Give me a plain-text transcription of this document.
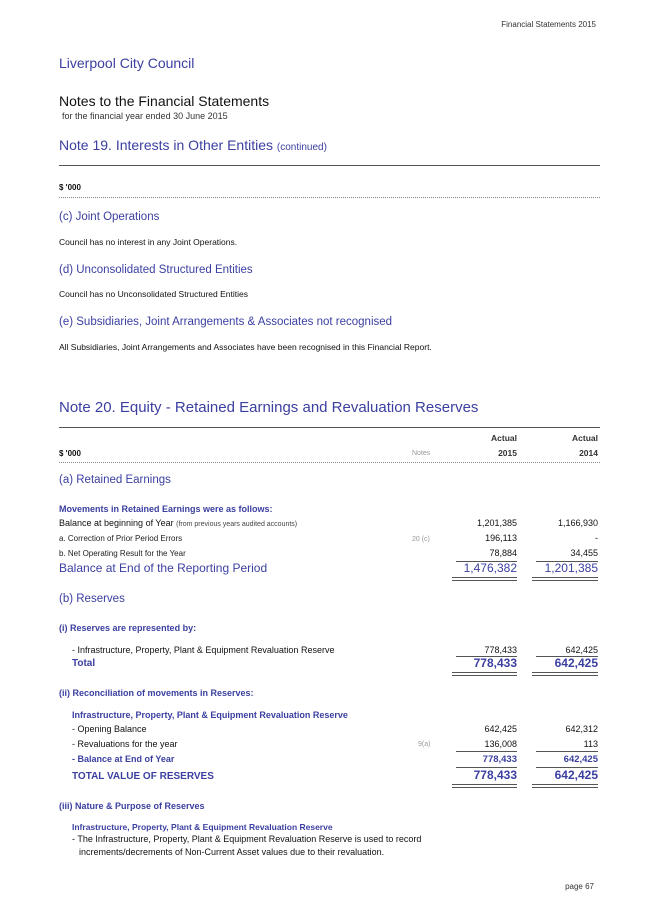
Financial Statements 2015
Liverpool City Council
Notes to the Financial Statements
for the financial year ended 30 June 2015
Note 19. Interests in Other Entities (continued)
$ '000
(c) Joint Operations
Council has no interest in any Joint Operations.
(d) Unconsolidated Structured Entities
Council has no Unconsolidated Structured Entities
(e) Subsidiaries, Joint Arrangements & Associates not recognised
All Subsidiaries, Joint Arrangements and Associates have been recognised in this Financial Report.
Note 20. Equity - Retained Earnings and Revaluation Reserves
Actual	Actual
$ '000	Notes	2015	2014
(a) Retained Earnings
Movements in Retained Earnings were as follows:
Balance at beginning of Year (from previous years audited accounts)	1,201,385	1,166,930
a. Correction of Prior Period Errors	20 (c)	196,113	-
b. Net Operating Result for the Year	78,884	34,455
Balance at End of the Reporting Period	1,476,382	1,201,385
(b) Reserves
(i) Reserves are represented by:
- Infrastructure, Property, Plant & Equipment Revaluation Reserve	778,433	642,425
Total	778,433	642,425
(ii) Reconciliation of movements in Reserves:
Infrastructure, Property, Plant & Equipment Revaluation Reserve
- Opening Balance	642,425	642,312
- Revaluations for the year	9(a)	136,008	113
- Balance at End of Year	778,433	642,425
TOTAL VALUE OF RESERVES	778,433	642,425
(iii) Nature & Purpose of Reserves
Infrastructure, Property, Plant & Equipment Revaluation Reserve
- The Infrastructure, Property, Plant & Equipment Revaluation Reserve is used to record
increments/decrements of Non-Current Asset values due to their revaluation.
page 67
